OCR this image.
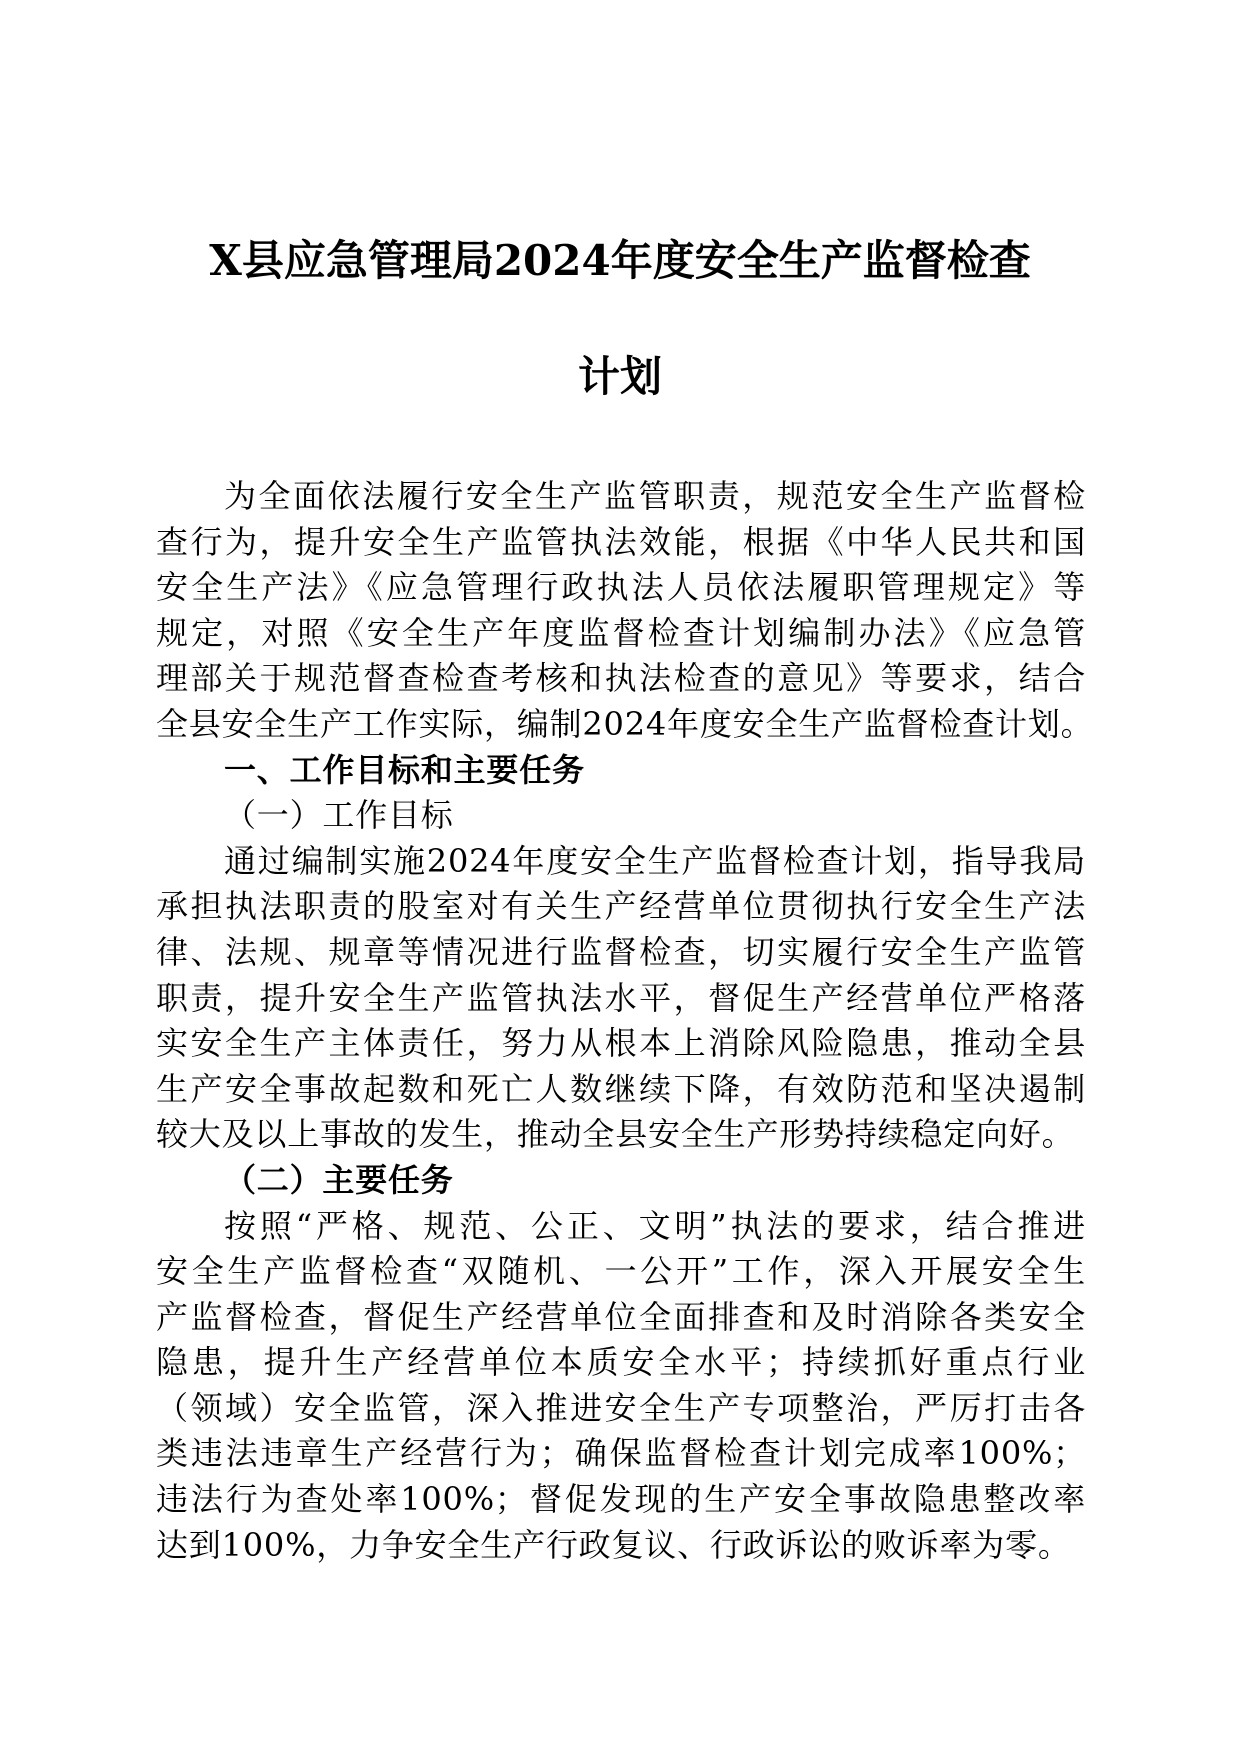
X县应急管理局2024年度安全生产监督检查
计划
为全面依法履行安全生产监管职责，规范安全生产监督检
查行为，提升安全生产监管执法效能，根据《中华人民共和国
安全生产法》《应急管理行政执法人员依法履职管理规定》等
规定，对照《安全生产年度监督检查计划编制办法》《应急管
理部关于规范督查检查考核和执法检查的意见》等要求，结合
全县安全生产工作实际，编制2024年度安全生产监督检查计划。
一、工作目标和主要任务
（一）工作目标
通过编制实施2024年度安全生产监督检查计划，指导我局
承担执法职责的股室对有关生产经营单位贯彻执行安全生产法
律、法规、规章等情况进行监督检查，切实履行安全生产监管
职责，提升安全生产监管执法水平，督促生产经营单位严格落
实安全生产主体责任，努力从根本上消除风险隐患，推动全县
生产安全事故起数和死亡人数继续下降，有效防范和坚决遏制
较大及以上事故的发生，推动全县安全生产形势持续稳定向好。
（二）主要任务
按照“严格、规范、公正、文明”执法的要求，结合推进
安全生产监督检查“双随机、一公开”工作，深入开展安全生
产监督检查，督促生产经营单位全面排查和及时消除各类安全
隐患，提升生产经营单位本质安全水平；持续抓好重点行业
（领域）安全监管，深入推进安全生产专项整治，严厉打击各
类违法违章生产经营行为；确保监督检查计划完成率100%；
违法行为查处率100%；督促发现的生产安全事故隐患整改率
达到100%，力争安全生产行政复议、行政诉讼的败诉率为零。
